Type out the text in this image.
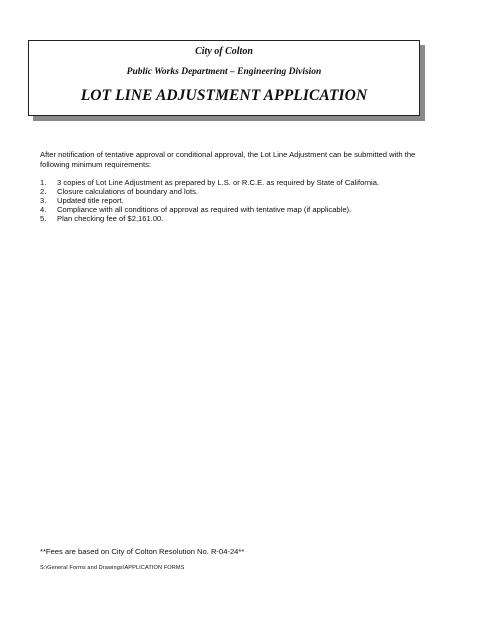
City of Colton
Public Works Department – Engineering Division
LOT LINE ADJUSTMENT APPLICATION
After notification of tentative approval or conditional approval, the Lot Line Adjustment can be submitted with the following minimum requirements:
1.	3 copies of Lot Line Adjustment as prepared by L.S. or R.C.E. as required by State of California.
2.	Closure calculations of boundary and lots.
3.	Updated title report.
4.	Compliance with all conditions of approval as required with tentative map (if applicable).
5.	Plan checking fee of $2,161.00.
**Fees are based on City of Colton Resolution No. R-04-24**
S:\General Forms and Drawings\APPLICATION FORMS
